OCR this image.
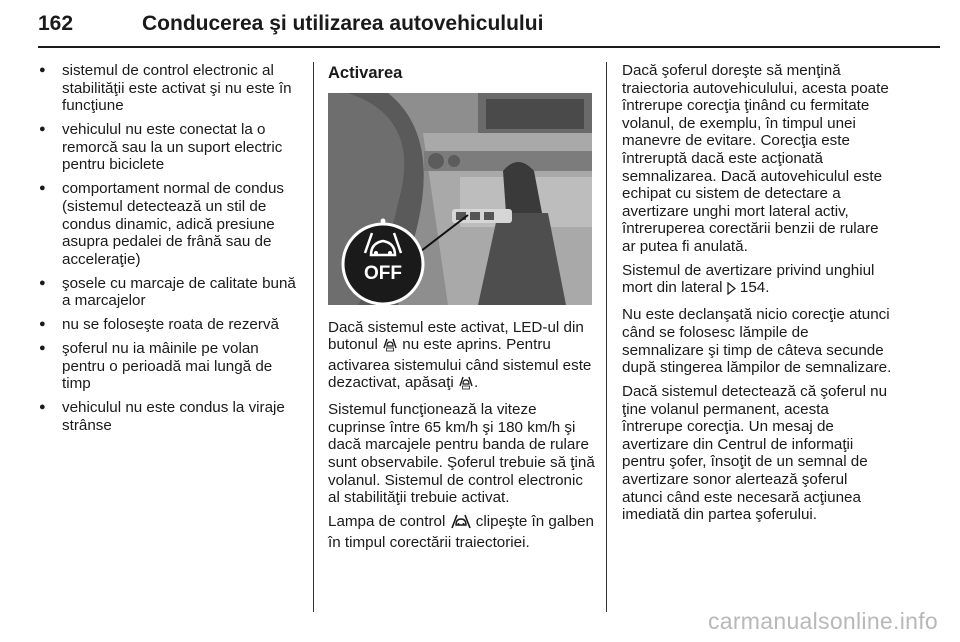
162	Conducerea şi utilizarea autovehiculului
● sistemul de control electronic al stabilităţii este activat şi nu este în funcţiune
● vehiculul nu este conectat la o remorcă sau la un suport electric pentru biciclete
● comportament normal de condus (sistemul detectează un stil de condus dinamic, adică presiune asupra pedalei de frână sau de acceleraţie)
● şosele cu marcaje de calitate bună a marcajelor
● nu se foloseşte roata de rezervă
● şoferul nu ia mâinile pe volan pentru o perioadă mai lungă de timp
● vehiculul nu este condus la viraje strânse
Activarea
OFF

Dacă sistemul este activat, LED-ul din butonul  nu este aprins. Pentru activarea sistemului când sistemul este dezactivat, apăsaţi .

Sistemul funcţionează la viteze cuprinse între 65 km/h şi 180 km/h şi dacă marcajele pentru banda de rulare sunt observabile. Şoferul trebuie să ţină volanul. Sistemul de control electronic al stabilităţii trebuie activat.

Lampa de control  clipeşte în galben în timpul corectării traiectoriei.

Dacă şoferul doreşte să menţină traiectoria autovehiculului, acesta poate întrerupe corecţia ţinând cu fermitate volanul, de exemplu, în timpul unei manevre de evitare. Corecţia este întreruptă dacă este acţionată semnalizarea. Dacă autovehiculul este echipat cu sistem de detectare a avertizare unghi mort lateral activ, întreruperea corectării benzii de rulare ar putea fi anulată.

Sistemul de avertizare privind unghiul mort din lateral  154.

Nu este declanşată nicio corecţie atunci când se folosesc lămpile de semnalizare şi timp de câteva secunde după stingerea lămpilor de semnalizare.

Dacă sistemul detectează că şoferul nu ţine volanul permanent, acesta întrerupe corecţia. Un mesaj de avertizare din Centrul de informaţii pentru şofer, însoţit de un semnal de avertizare sonor alertează şoferul atunci când este necesară acţiunea imediată din partea şoferului.

carmanualsonline.info
